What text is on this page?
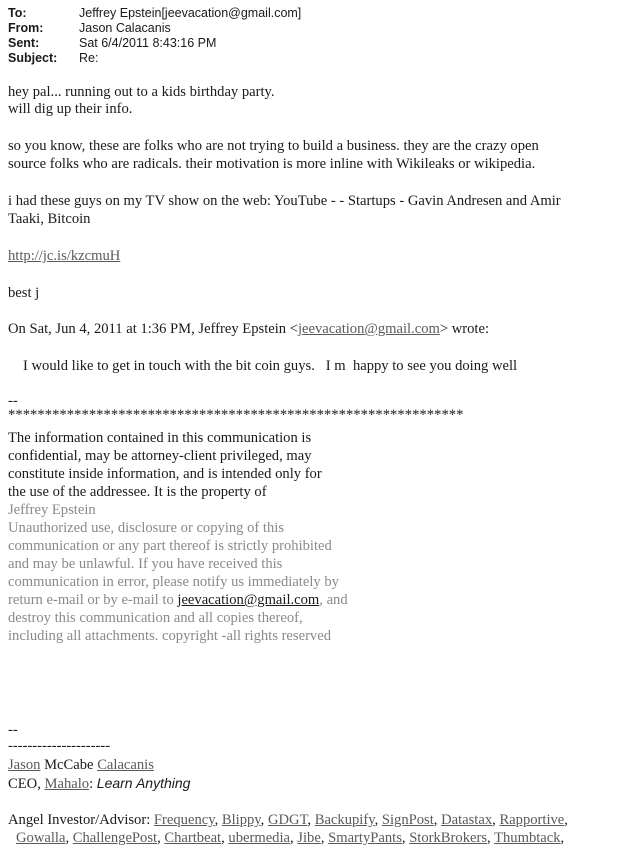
To:	Jeffrey Epstein[jeevacation@gmail.com]
From:	Jason Calacanis
Sent:	Sat 6/4/2011 8:43:16 PM
Subject: Re:
hey pal... running out to a kids birthday party.
will dig up their info.
so you know, these are folks who are not trying to build a business. they are the crazy open
source folks who are radicals. their motivation is more inline with Wikileaks or wikipedia.
i had these guys on my TV show on the web: YouTube - - Startups - Gavin Andresen and Amir
Taaki, Bitcoin
http://jc.is/kzcmuH
best j
On Sat, Jun 4, 2011 at 1:36 PM, Jeffrey Epstein <jeevacation@gmail.com> wrote:
I would like to get in touch with the bit coin guys.   I m  happy to see you doing well
--
**************************************************************
The information contained in this communication is
confidential, may be attorney-client privileged, may
constitute inside information, and is intended only for
the use of the addressee. It is the property of
Jeffrey Epstein
Unauthorized use, disclosure or copying of this
communication or any part thereof is strictly prohibited
and may be unlawful. If you have received this
communication in error, please notify us immediately by
return e-mail or by e-mail to jeevacation@gmail.com, and
destroy this communication and all copies thereof,
including all attachments. copyright -all rights reserved
--
---------------------
Jason McCabe Calacanis
CEO, Mahalo: Learn Anything
Angel Investor/Advisor: Frequency, Blippy, GDGT, Backupify, SignPost, Datastax, Rapportive,
Gowalla, ChallengePost, Chartbeat, ubermedia, Jibe, SmartyPants, StorkBrokers, Thumbtack,
